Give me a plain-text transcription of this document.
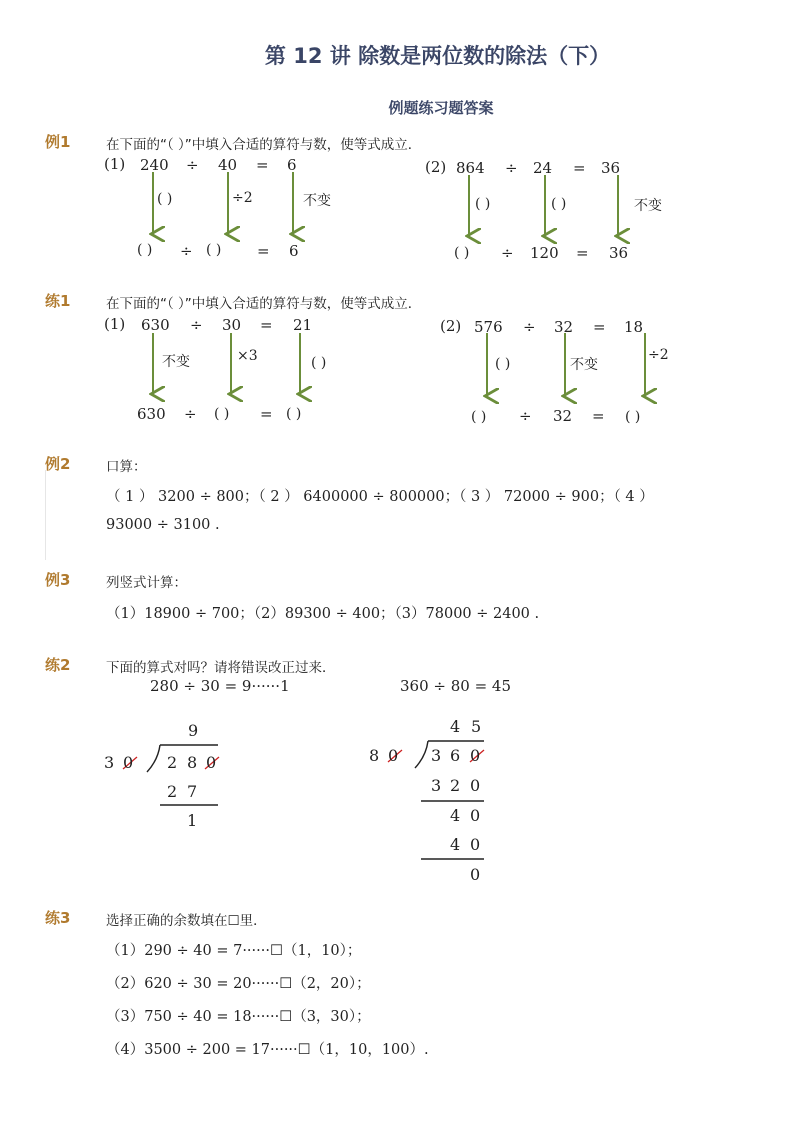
第 12 讲 除数是两位数的除法（下）
例题练习题答案
例1	在下面的“（ ）”中填入合适的算符与数，使等式成立．
(1) 240 ÷ 40 = 6
( )	÷2	不变
( ) ÷ ( ) = 6
(2) 864 ÷ 24 = 36
( )	( )	不变
( ) ÷ 120 = 36
练1	在下面的“（ ）”中填入合适的算符与数，使等式成立．
(1) 630 ÷ 30 = 21
不变	×3	( )
630 ÷ ( ) = ( )
(2) 576 ÷ 32 = 18
( )	不变
÷2
( ) ÷ 32 = ( )
例2	口算：
（ 1 ） 3200 ÷ 800；（ 2 ） 6400000 ÷ 800000；（ 3 ） 72000 ÷ 900；（ 4 ）
93000 ÷ 3100 .
例3	列竖式计算：
（1）18900 ÷ 700；（2）89300 ÷ 400；（3）78000 ÷ 2400 .
练2	下面的算式对吗？请将错误改正过来．
280 ÷ 30 = 9······1	360 ÷ 80 = 45
9
3 0 2 8 0
2 7
1
4 5
8 0 3 6 0
3 2 0
4 0
4 0
0
练3	选择正确的余数填在☐里．
（1）290 ÷ 40 = 7······☐（1，10）；
（2）620 ÷ 30 = 20······☐（2，20）；
（3）750 ÷ 40 = 18······☐（3，30）；
（4）3500 ÷ 200 = 17······☐（1，10，100）.
